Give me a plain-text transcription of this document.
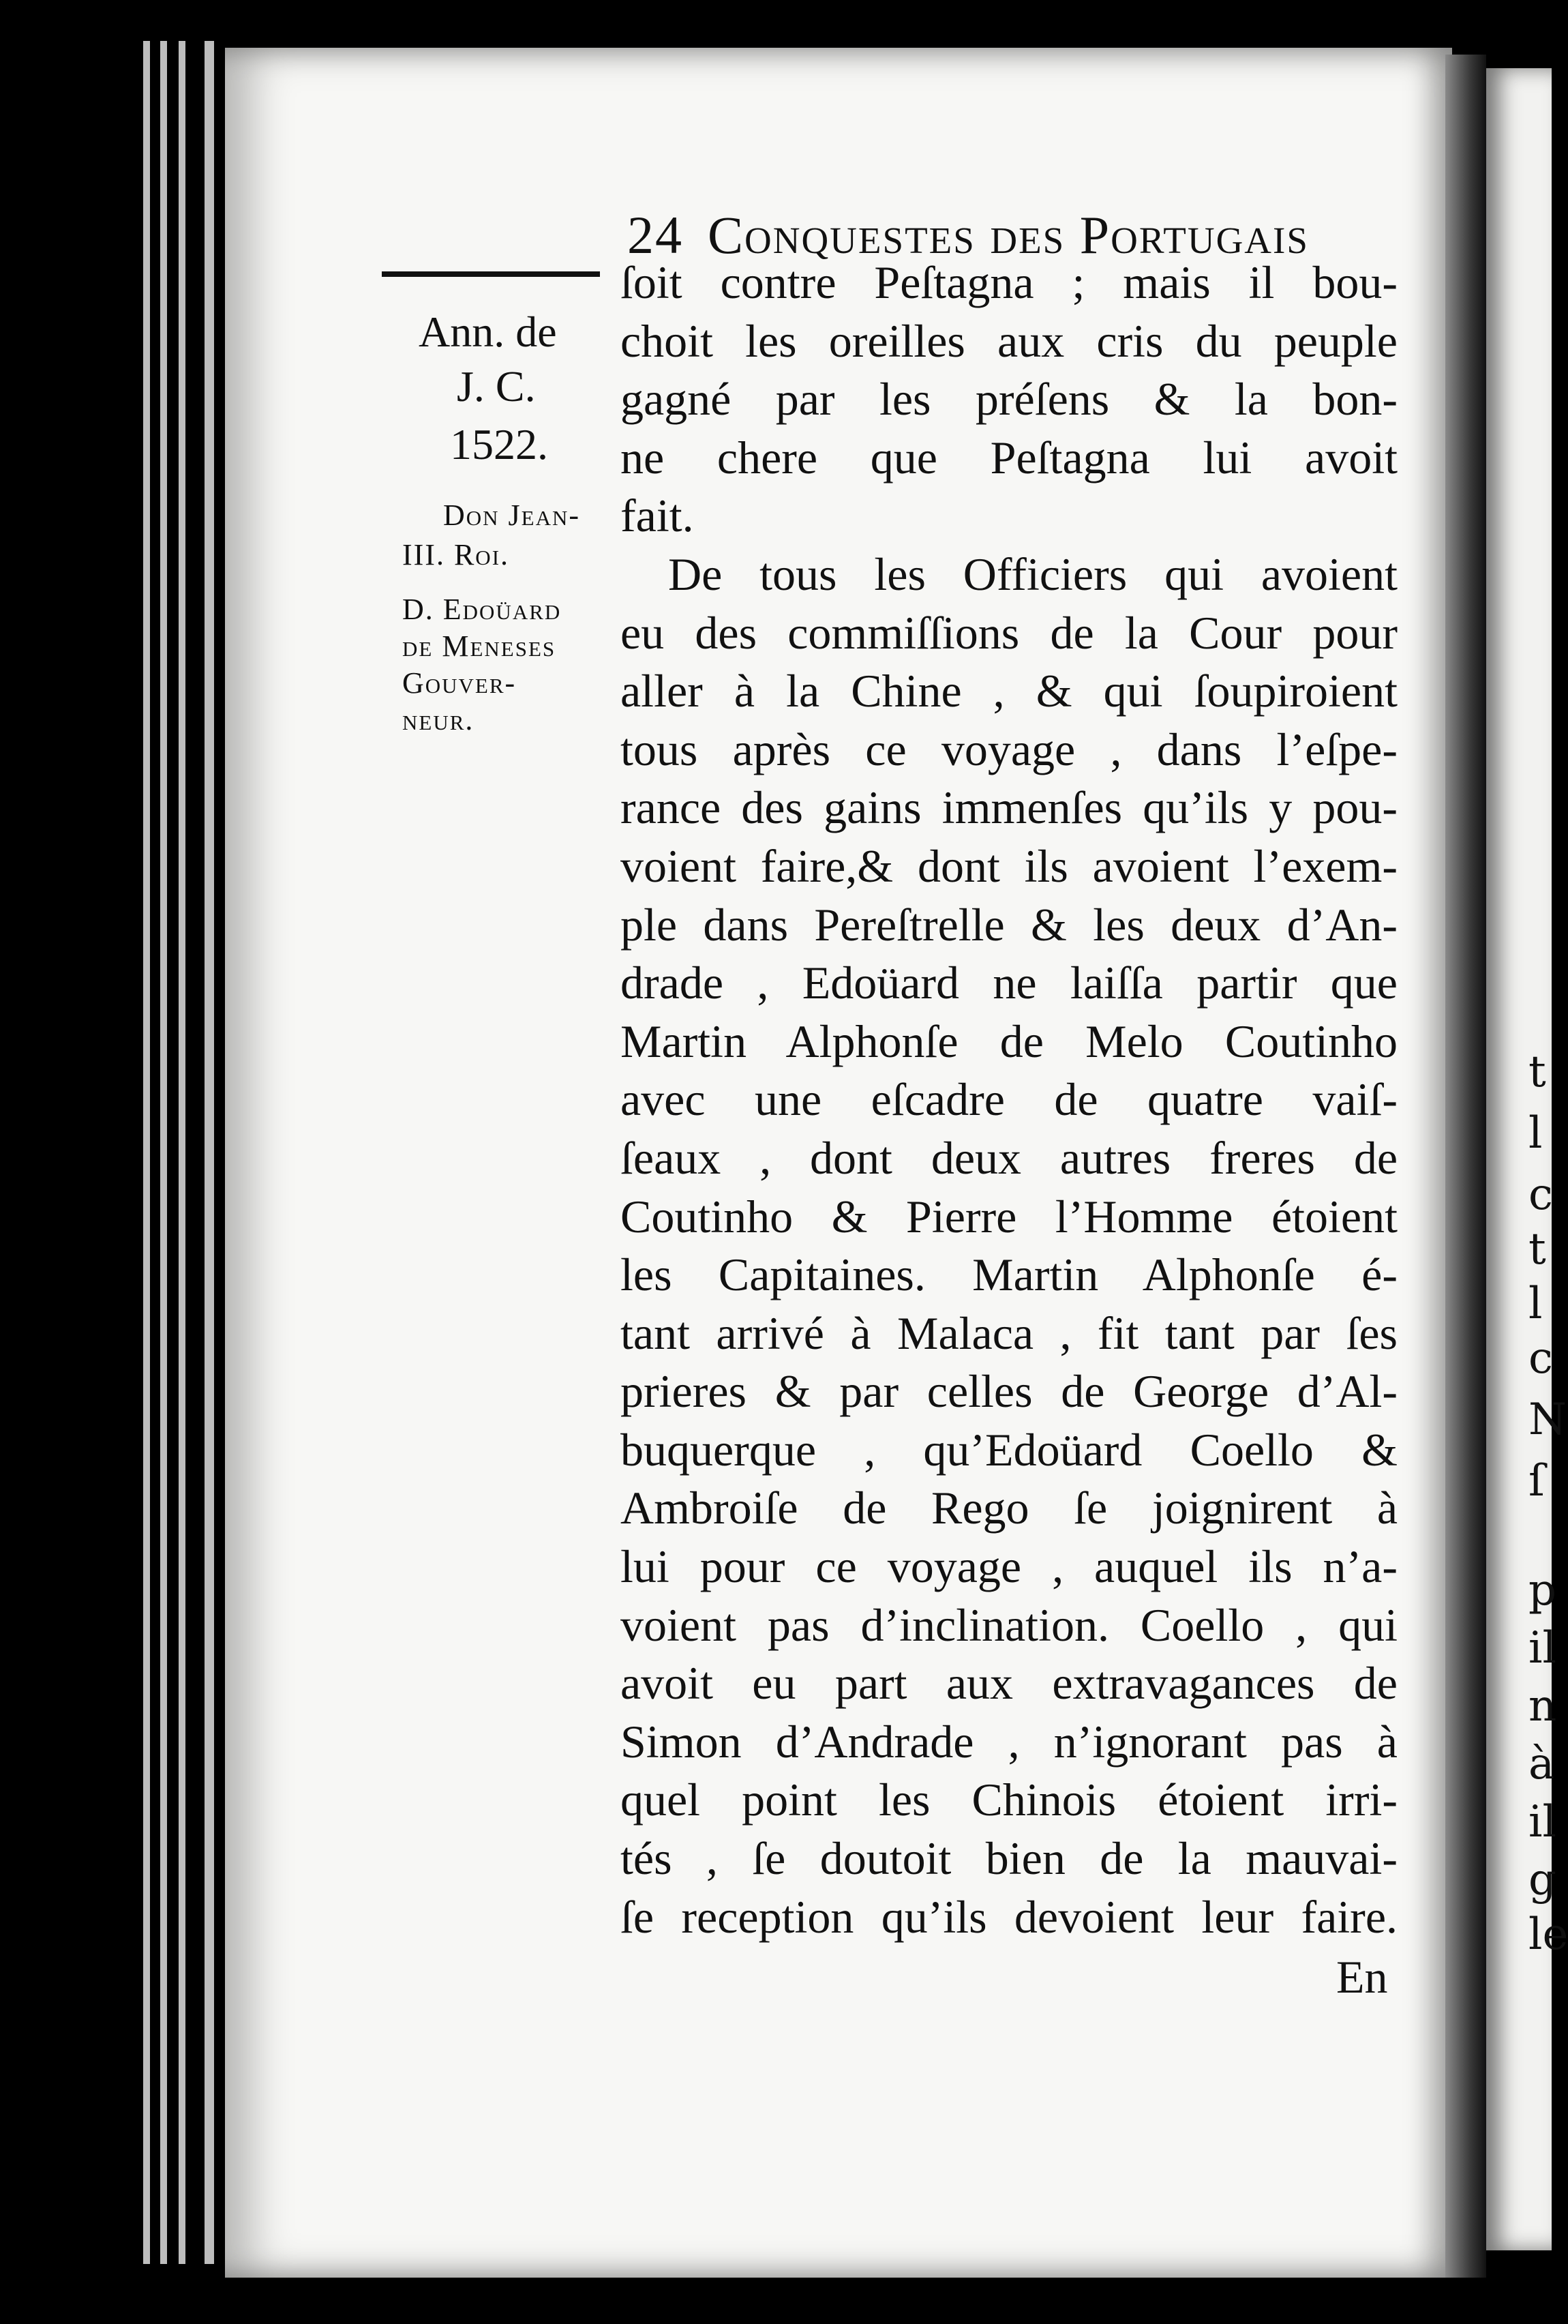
t
l
c
t
l
c
N
ſ
p
il
n
à
il
g
le
24 Conquestes des Portugais
Ann. de
J. C.
1522.
Don Jean-
III. Roi.
D. Edoüard
de Meneses
Gouver-
neur.
ſoit contre Peſtagna ; mais il bou-
choit les oreilles aux cris du peuple
gagné par les préſens & la bon-
ne chere que Peſtagna lui avoit
fait.
De tous les Officiers qui avoient
eu des commiſſions de la Cour pour
aller à la Chine , & qui ſoupiroient
tous après ce voyage , dans l’eſpe-
rance des gains immenſes qu’ils y pou-
voient faire,& dont ils avoient l’exem-
ple dans Pereſtrelle & les deux d’An-
drade , Edoüard ne laiſſa partir que
Martin Alphonſe de Melo Coutinho
avec une eſcadre de quatre vaiſ-
ſeaux , dont deux autres freres de
Coutinho & Pierre l’Homme étoient
les Capitaines. Martin Alphonſe é-
tant arrivé à Malaca , fit tant par ſes
prieres & par celles de George d’Al-
buquerque , qu’Edoüard Coello &
Ambroiſe de Rego ſe joignirent à
lui pour ce voyage , auquel ils n’a-
voient pas d’inclination. Coello , qui
avoit eu part aux extravagances de
Simon d’Andrade , n’ignorant pas à
quel point les Chinois étoient irri-
tés , ſe doutoit bien de la mauvai-
ſe reception qu’ils devoient leur faire.
En
